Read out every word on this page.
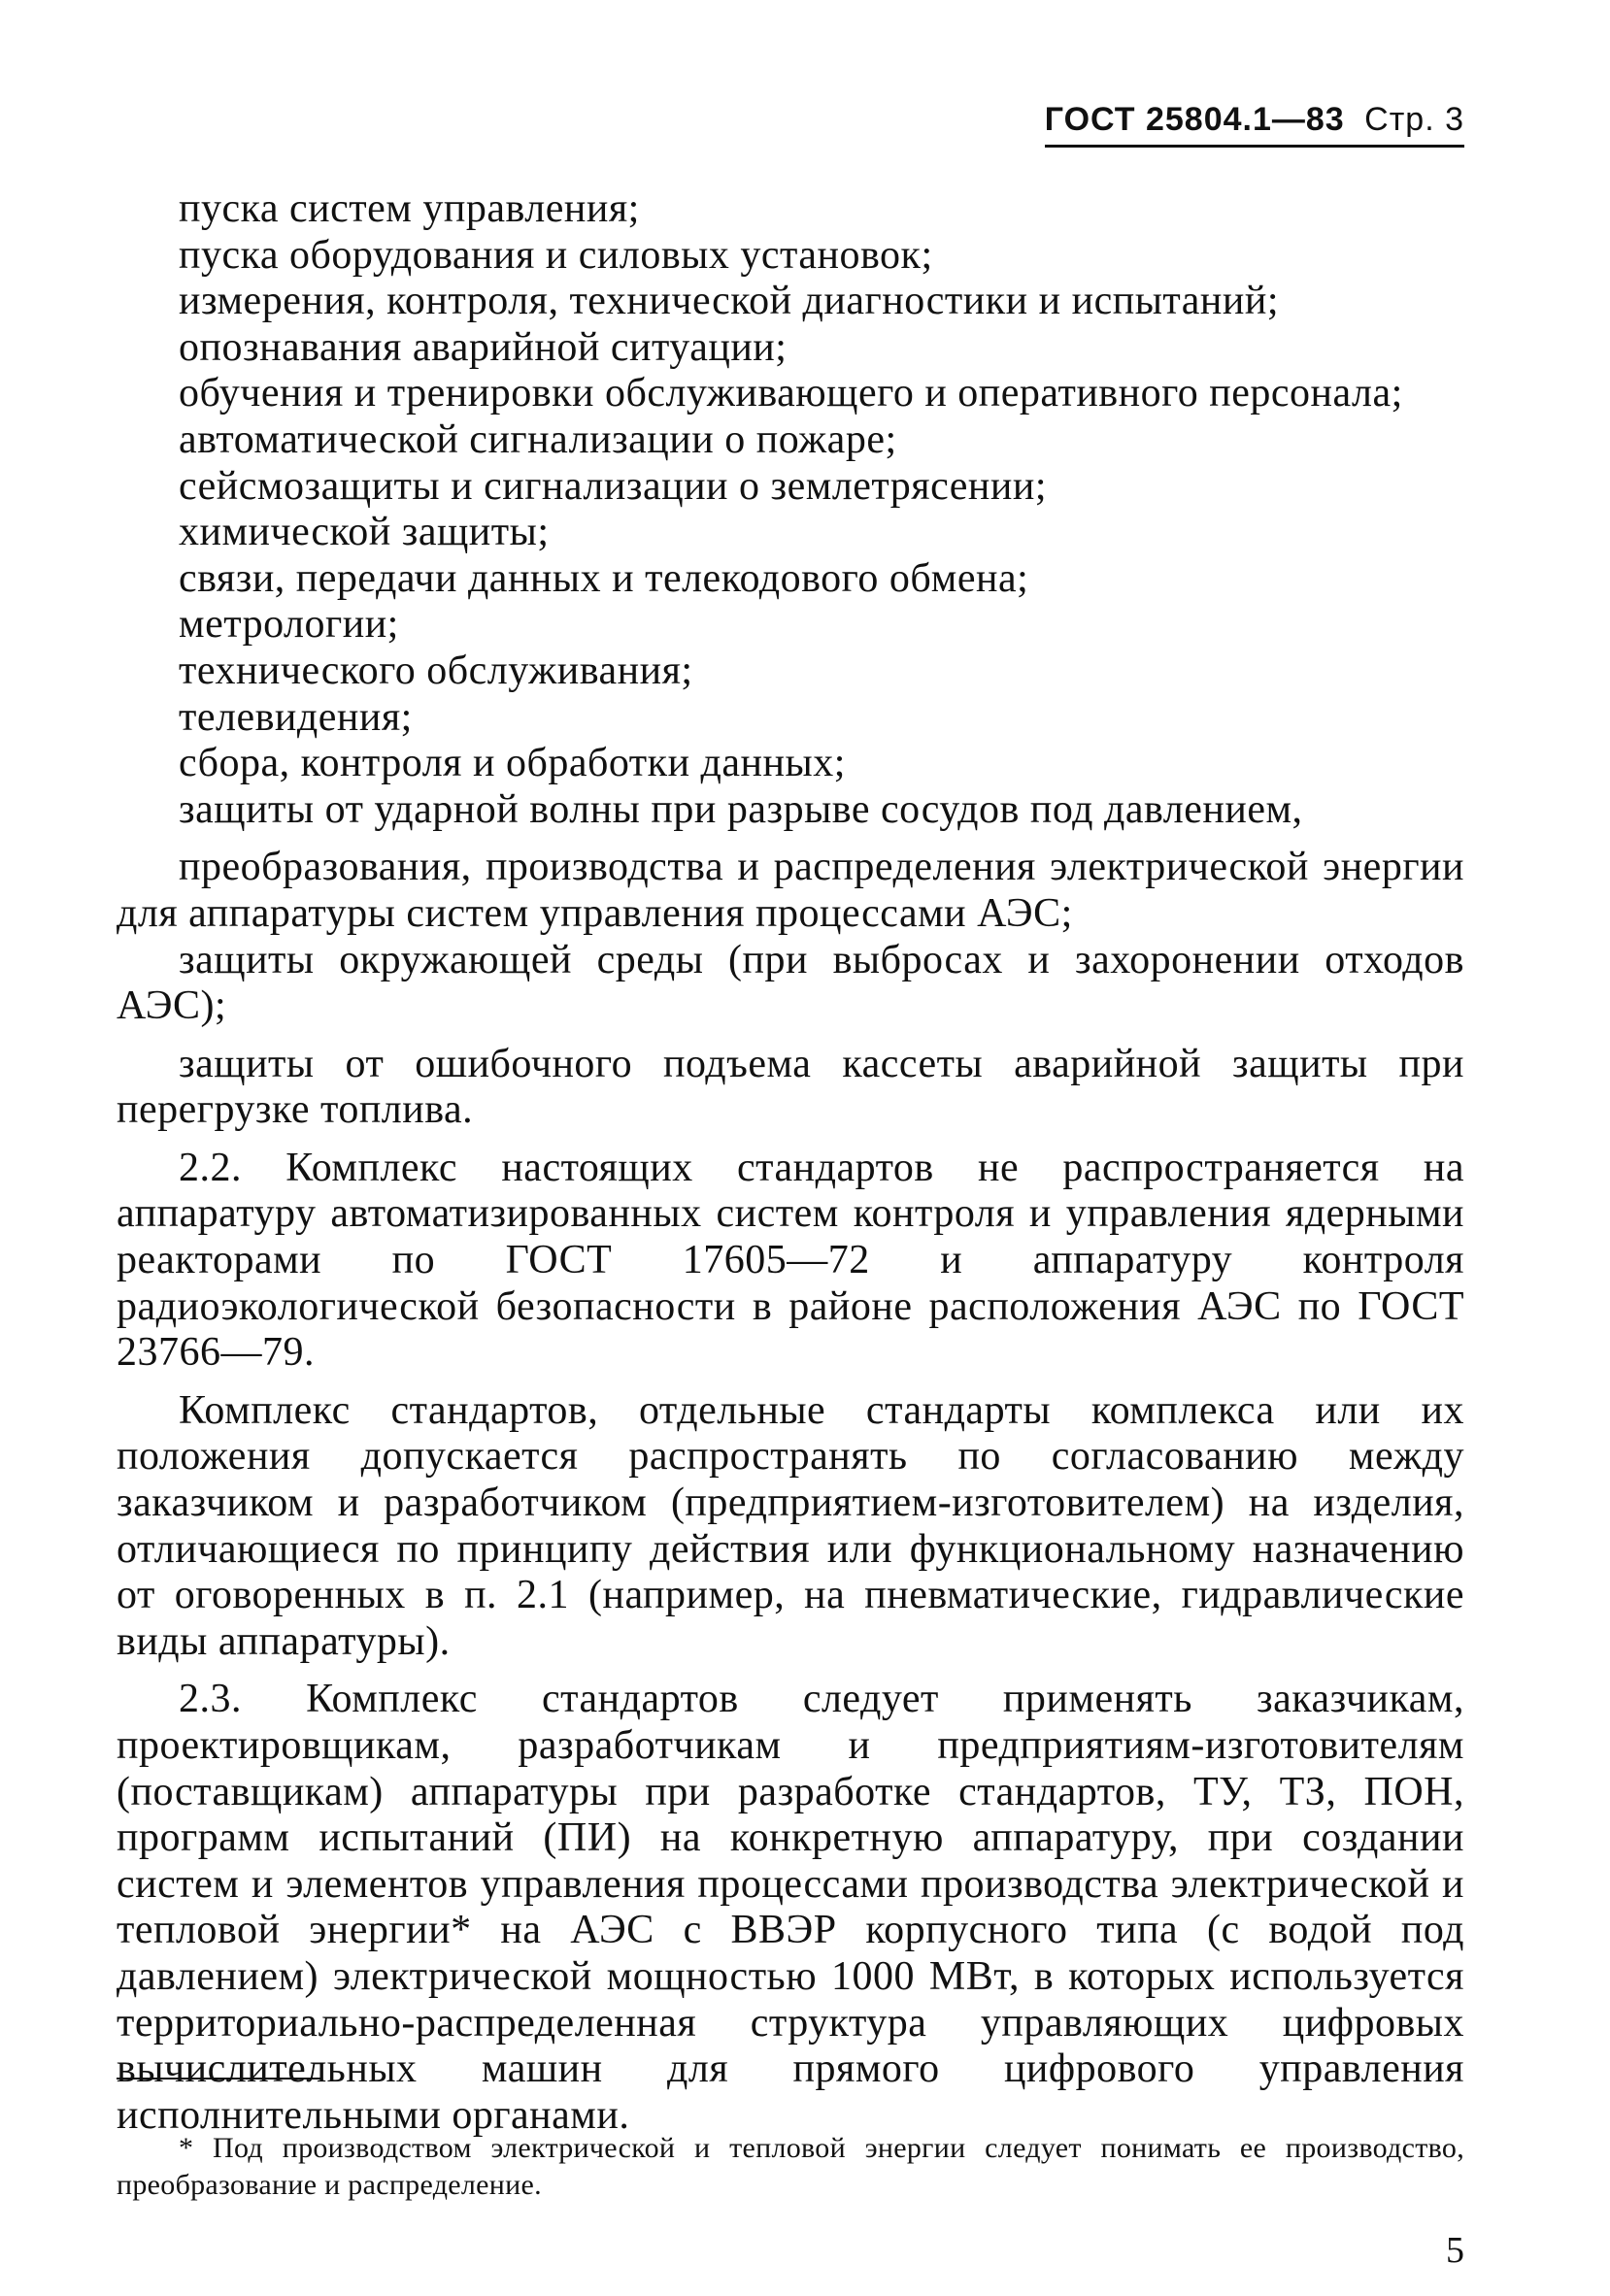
ГОСТ 25804.1—83 Стр. 3

пуска систем управления;

пуска оборудования и силовых установок;

измерения, контроля, технической диагностики и испытаний;

опознавания аварийной ситуации;

обучения и тренировки обслуживающего и оперативного персонала;

автоматической сигнализации о пожаре;

сейсмозащиты и сигнализации о землетрясении;

химической защиты;

связи, передачи данных и телекодового обмена;

метрологии;

технического обслуживания;

телевидения;

сбора, контроля и обработки данных;

защиты от ударной волны при разрыве сосудов под давлением,

преобразования, производства и распределения электрической энергии для аппаратуры систем управления процессами АЭС;

защиты окружающей среды (при выбросах и захоронении отходов АЭС);

защиты от ошибочного подъема кассеты аварийной защиты при перегрузке топлива.

2.2. Комплекс настоящих стандартов не распространяется на аппаратуру автоматизированных систем контроля и управления ядерными реакторами по ГОСТ 17605—72 и аппаратуру контроля радиоэкологической безопасности в районе расположения АЭС по ГОСТ 23766—79.

Комплекс стандартов, отдельные стандарты комплекса или их положения допускается распространять по согласованию между заказчиком и разработчиком (предприятием-изготовителем) на изделия, отличающиеся по принципу действия или функциональному назначению от оговоренных в п. 2.1 (например, на пневматические, гидравлические виды аппаратуры).

2.3. Комплекс стандартов следует применять заказчикам, проектировщикам, разработчикам и предприятиям-изготовителям (поставщикам) аппаратуры при разработке стандартов, ТУ, ТЗ, ПОН, программ испытаний (ПИ) на конкретную аппаратуру, при создании систем и элементов управления процессами производства электрической и тепловой энергии* на АЭС с ВВЭР корпусного типа (с водой под давлением) электрической мощностью 1000 МВт, в которых используется территориально-распределенная структура управляющих цифровых вычислительных машин для прямого цифрового управления исполнительными органами.

* Под производством электрической и тепловой энергии следует понимать ее производство, преобразование и распределение.

5
